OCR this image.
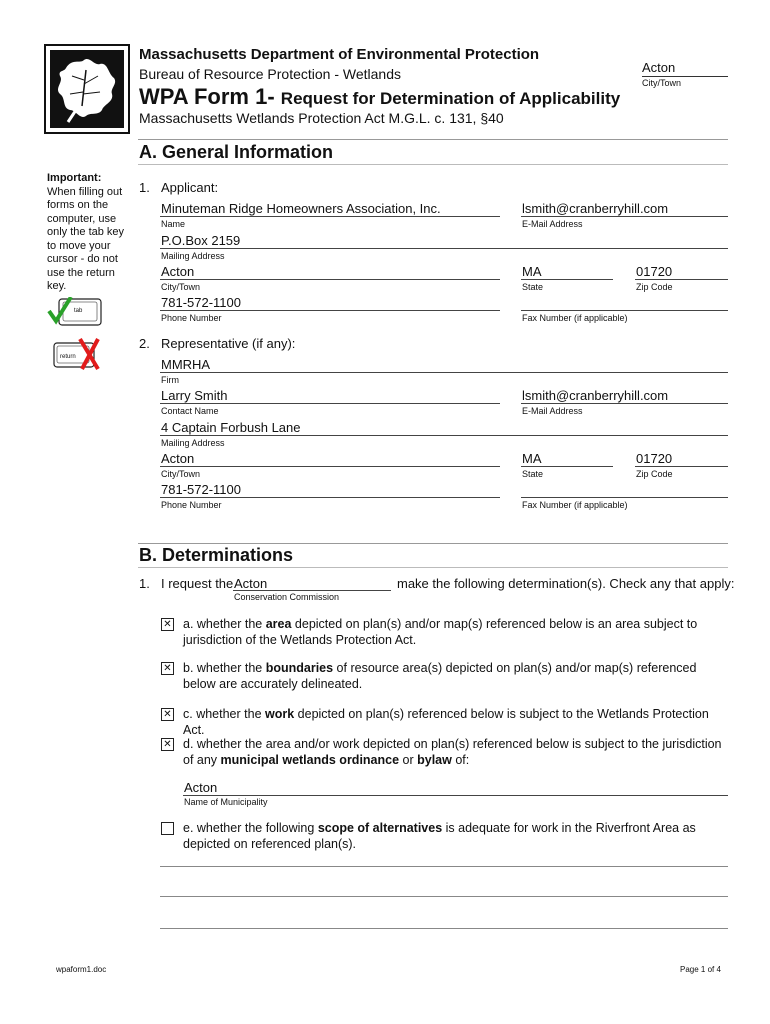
Massachusetts Department of Environmental Protection
Bureau of Resource Protection - Wetlands
WPA Form 1- Request for Determination of Applicability
Massachusetts Wetlands Protection Act M.G.L. c. 131, §40
Acton
City/Town
A. General Information
Important:
When filling out forms on the computer, use only the tab key to move your cursor - do not use the return key.
tab
return
1. Applicant:
Minuteman Ridge Homeowners Association, Inc.
Name
lsmith@cranberryhill.com
E-Mail Address
P.O.Box 2159
Mailing Address
Acton
City/Town
MA
State
01720
Zip Code
781-572-1100
Phone Number	Fax Number (if applicable)
2. Representative (if any):
MMRHA
Firm
Larry Smith
Contact Name
lsmith@cranberryhill.com
E-Mail Address
4 Captain Forbush Lane
Mailing Address
Acton
City/Town
MA
State
01720
Zip Code
781-572-1100
Phone Number	Fax Number (if applicable)
B. Determinations
1. I request the Acton
Conservation Commission
make the following determination(s). Check any that apply:
✕ a. whether the area depicted on plan(s) and/or map(s) referenced below is an area subject to jurisdiction of the Wetlands Protection Act.
✕ b. whether the boundaries of resource area(s) depicted on plan(s) and/or map(s) referenced below are accurately delineated.
✕ c. whether the work depicted on plan(s) referenced below is subject to the Wetlands Protection Act.
✕ d. whether the area and/or work depicted on plan(s) referenced below is subject to the jurisdiction of any municipal wetlands ordinance or bylaw of:
Acton
Name of Municipality
e. whether the following scope of alternatives is adequate for work in the Riverfront Area as depicted on referenced plan(s).
wpaform1.doc	Page 1 of 4
